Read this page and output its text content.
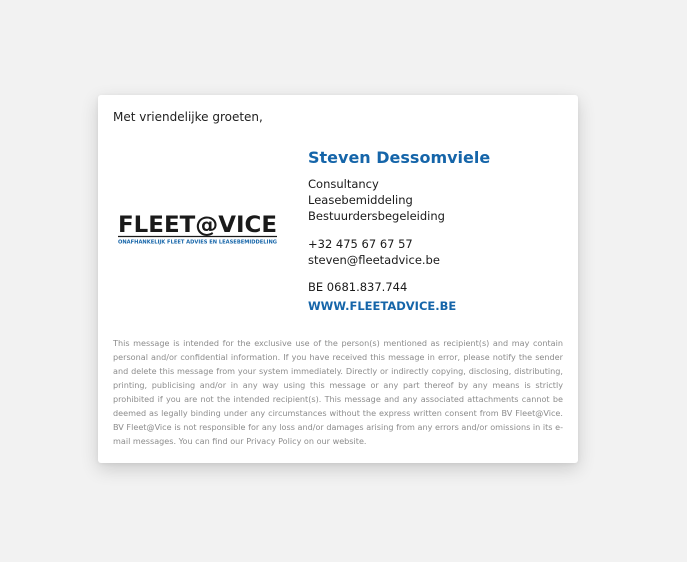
Met vriendelijke groeten,
FLEET@VICE
ONAFHANKELIJK FLEET ADVIES EN LEASEBEMIDDELING
Steven Dessomviele
Consultancy
Leasebemiddeling
Bestuurdersbegeleiding
+32 475 67 67 57
steven@fleetadvice.be
BE 0681.837.744
WWW.FLEETADVICE.BE

This message is intended for the exclusive use of the person(s) mentioned as recipient(s) and may contain personal and/or confidential information. If you have received this message in error, please notify the sender and delete this message from your system immediately. Directly or indirectly copying, disclosing, distributing, printing, publicising and/or in any way using this message or any part thereof by any means is strictly prohibited if you are not the intended recipient(s). This message and any associated attachments cannot be deemed as legally binding under any circumstances without the express written consent from BV Fleet@Vice. BV Fleet@Vice is not responsible for any loss and/or damages arising from any errors and/or omissions in its e-mail messages. You can find our Privacy Policy on our website.
